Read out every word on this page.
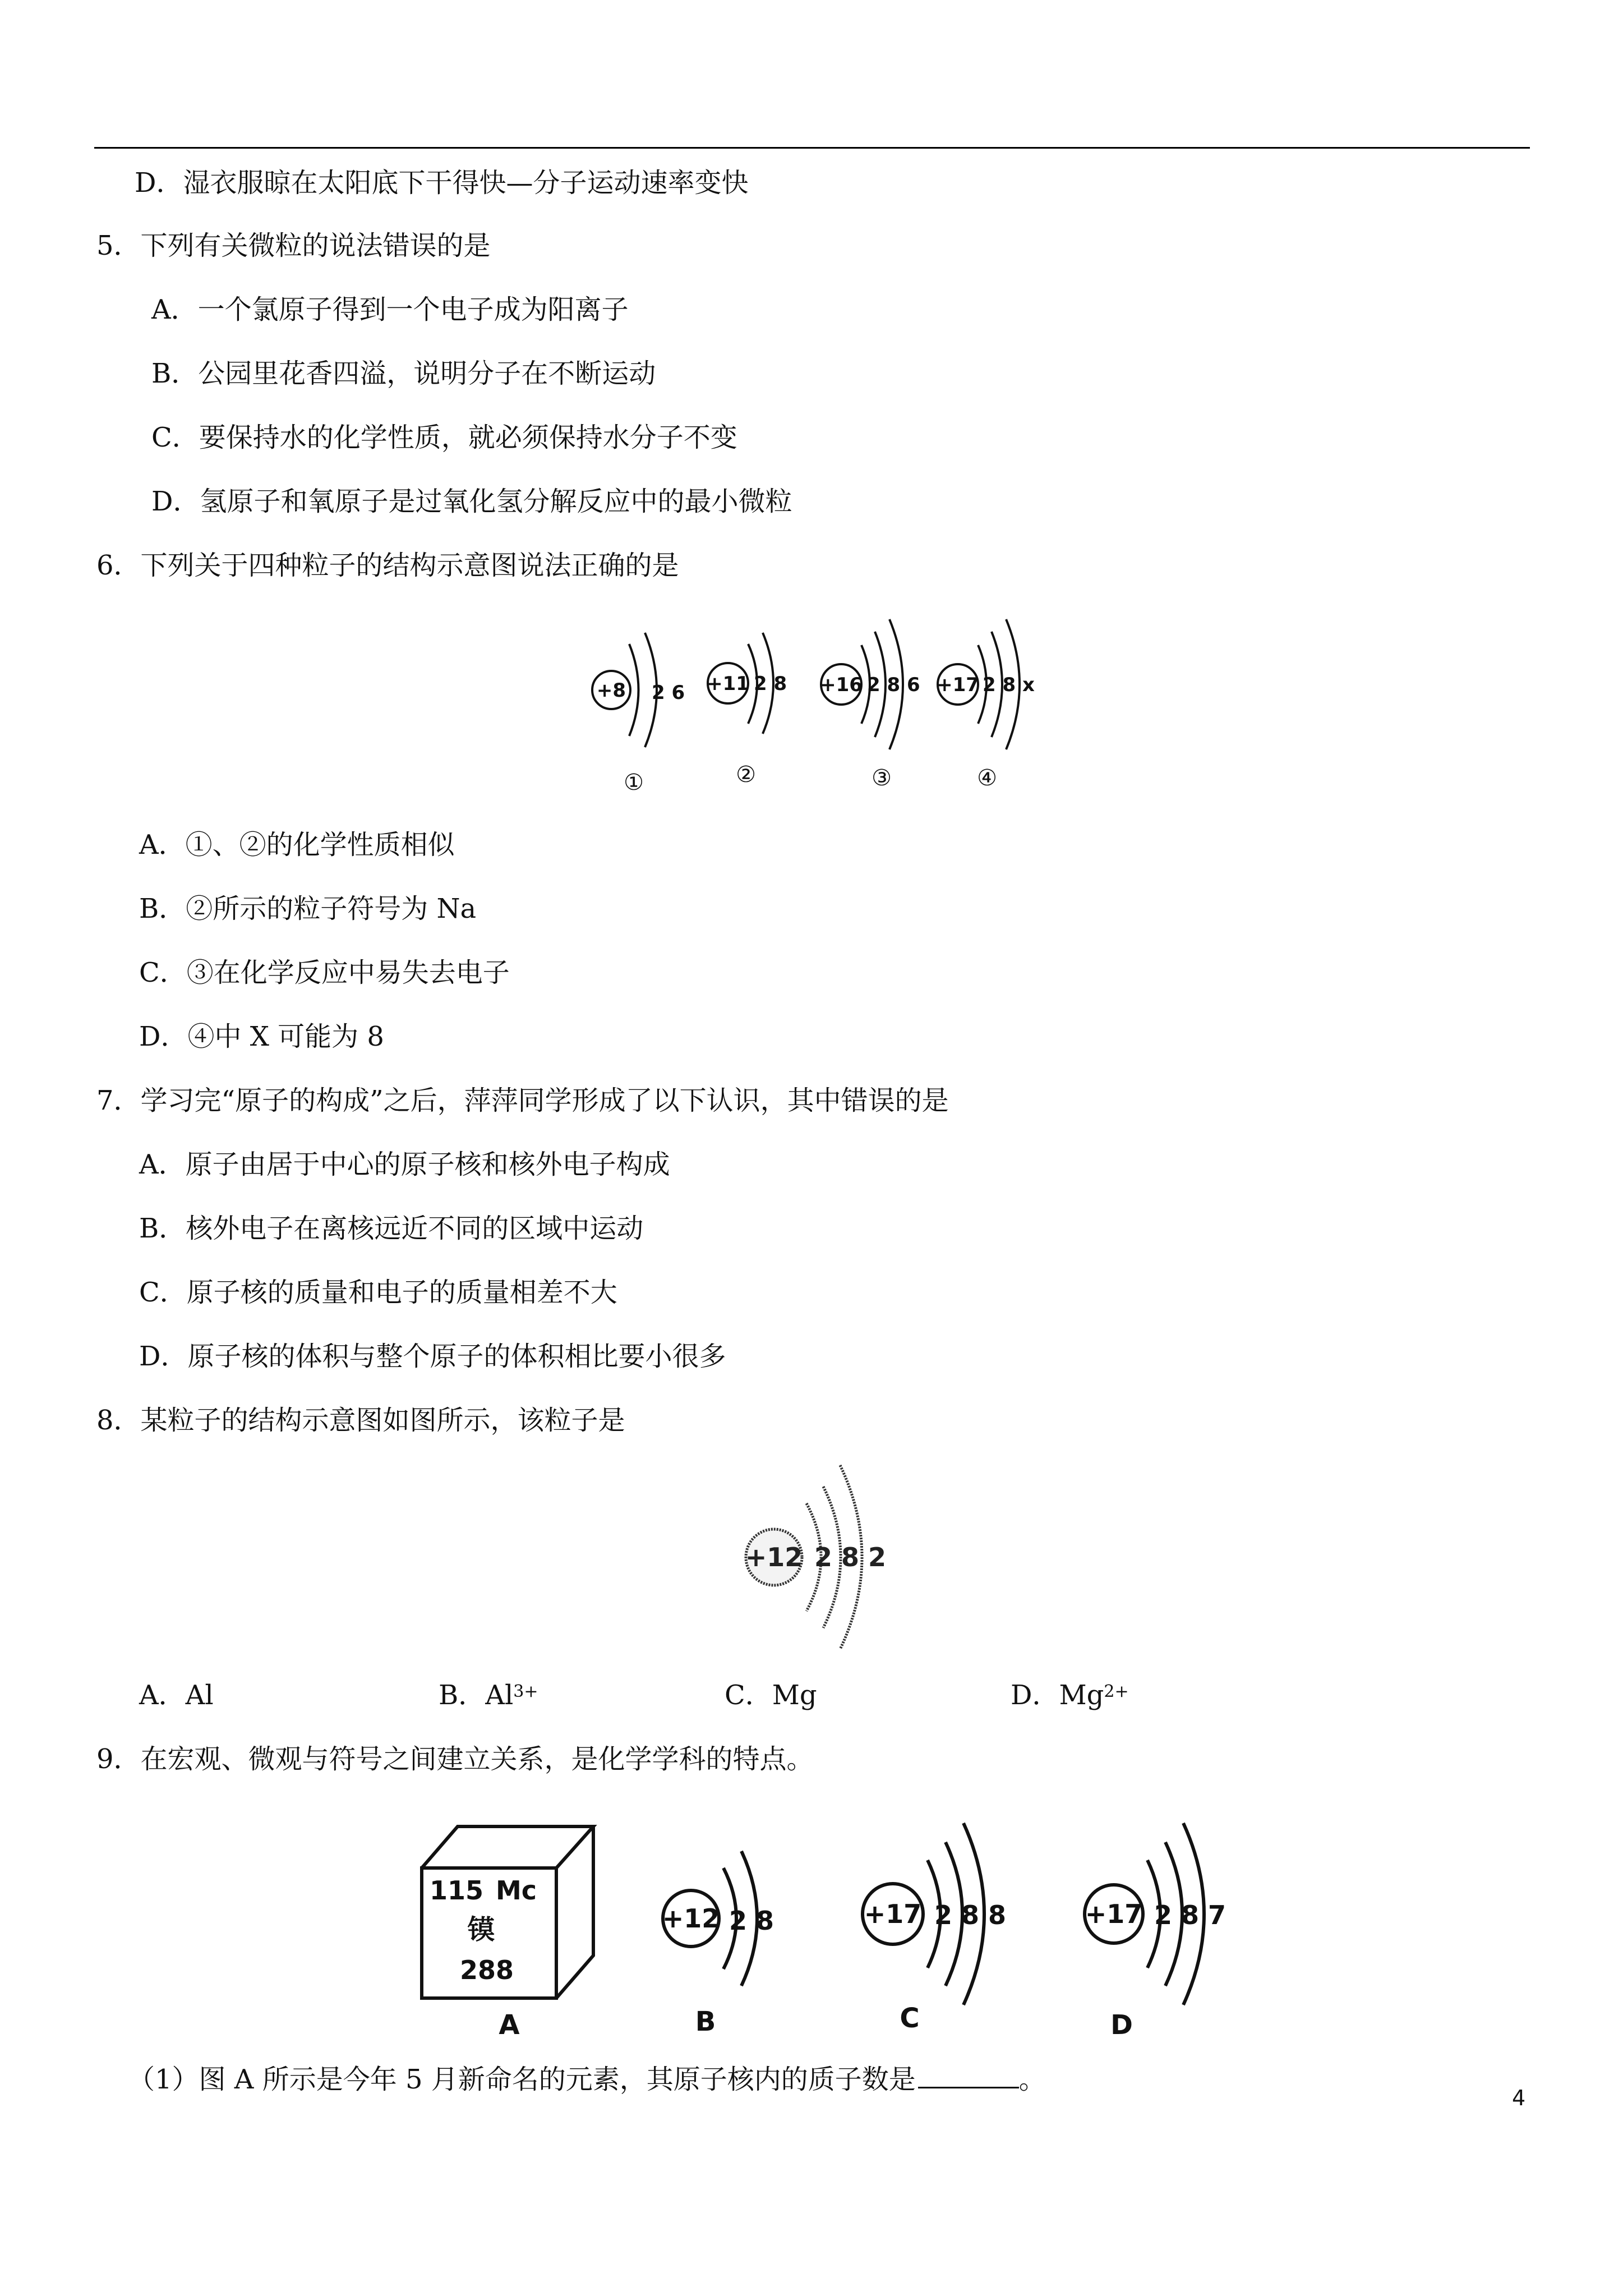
D．湿衣服晾在太阳底下干得快—分子运动速率变快
5．下列有关微粒的说法错误的是
A．一个氯原子得到一个电子成为阳离子
B．公园里花香四溢，说明分子在不断运动
C．要保持水的化学性质，就必须保持水分子不变
D．氢原子和氧原子是过氧化氢分解反应中的最小微粒
6．下列关于四种粒子的结构示意图说法正确的是
+8 2 6 +11 2 8 +16 2 8 6 +17 2 8 x
①	②	③	④
A．①、②的化学性质相似
B．②所示的粒子符号为 Na
C．③在化学反应中易失去电子
D．④中 X 可能为 8
7．学习完“原子的构成”之后，萍萍同学形成了以下认识，其中错误的是
A．原子由居于中心的原子核和核外电子构成
B．核外电子在离核远近不同的区域中运动
C．原子核的质量和电子的质量相差不大
D．原子核的体积与整个原子的体积相比要小很多
8．某粒子的结构示意图如图所示，该粒子是
+12 2 8 2
A．Al	B．$Al^{3+}$	C．Mg	D．$Mg^{2+}$
9．在宏观、微观与符号之间建立关系，是化学学科的特点。
115 Mc
镆
288
+12 2 8	+17 2 8 8	+17 2 8 7
A	B	C	D
（1）图 A 所示是今年 5 月新命名的元素，其原子核内的质子数是	。
4
